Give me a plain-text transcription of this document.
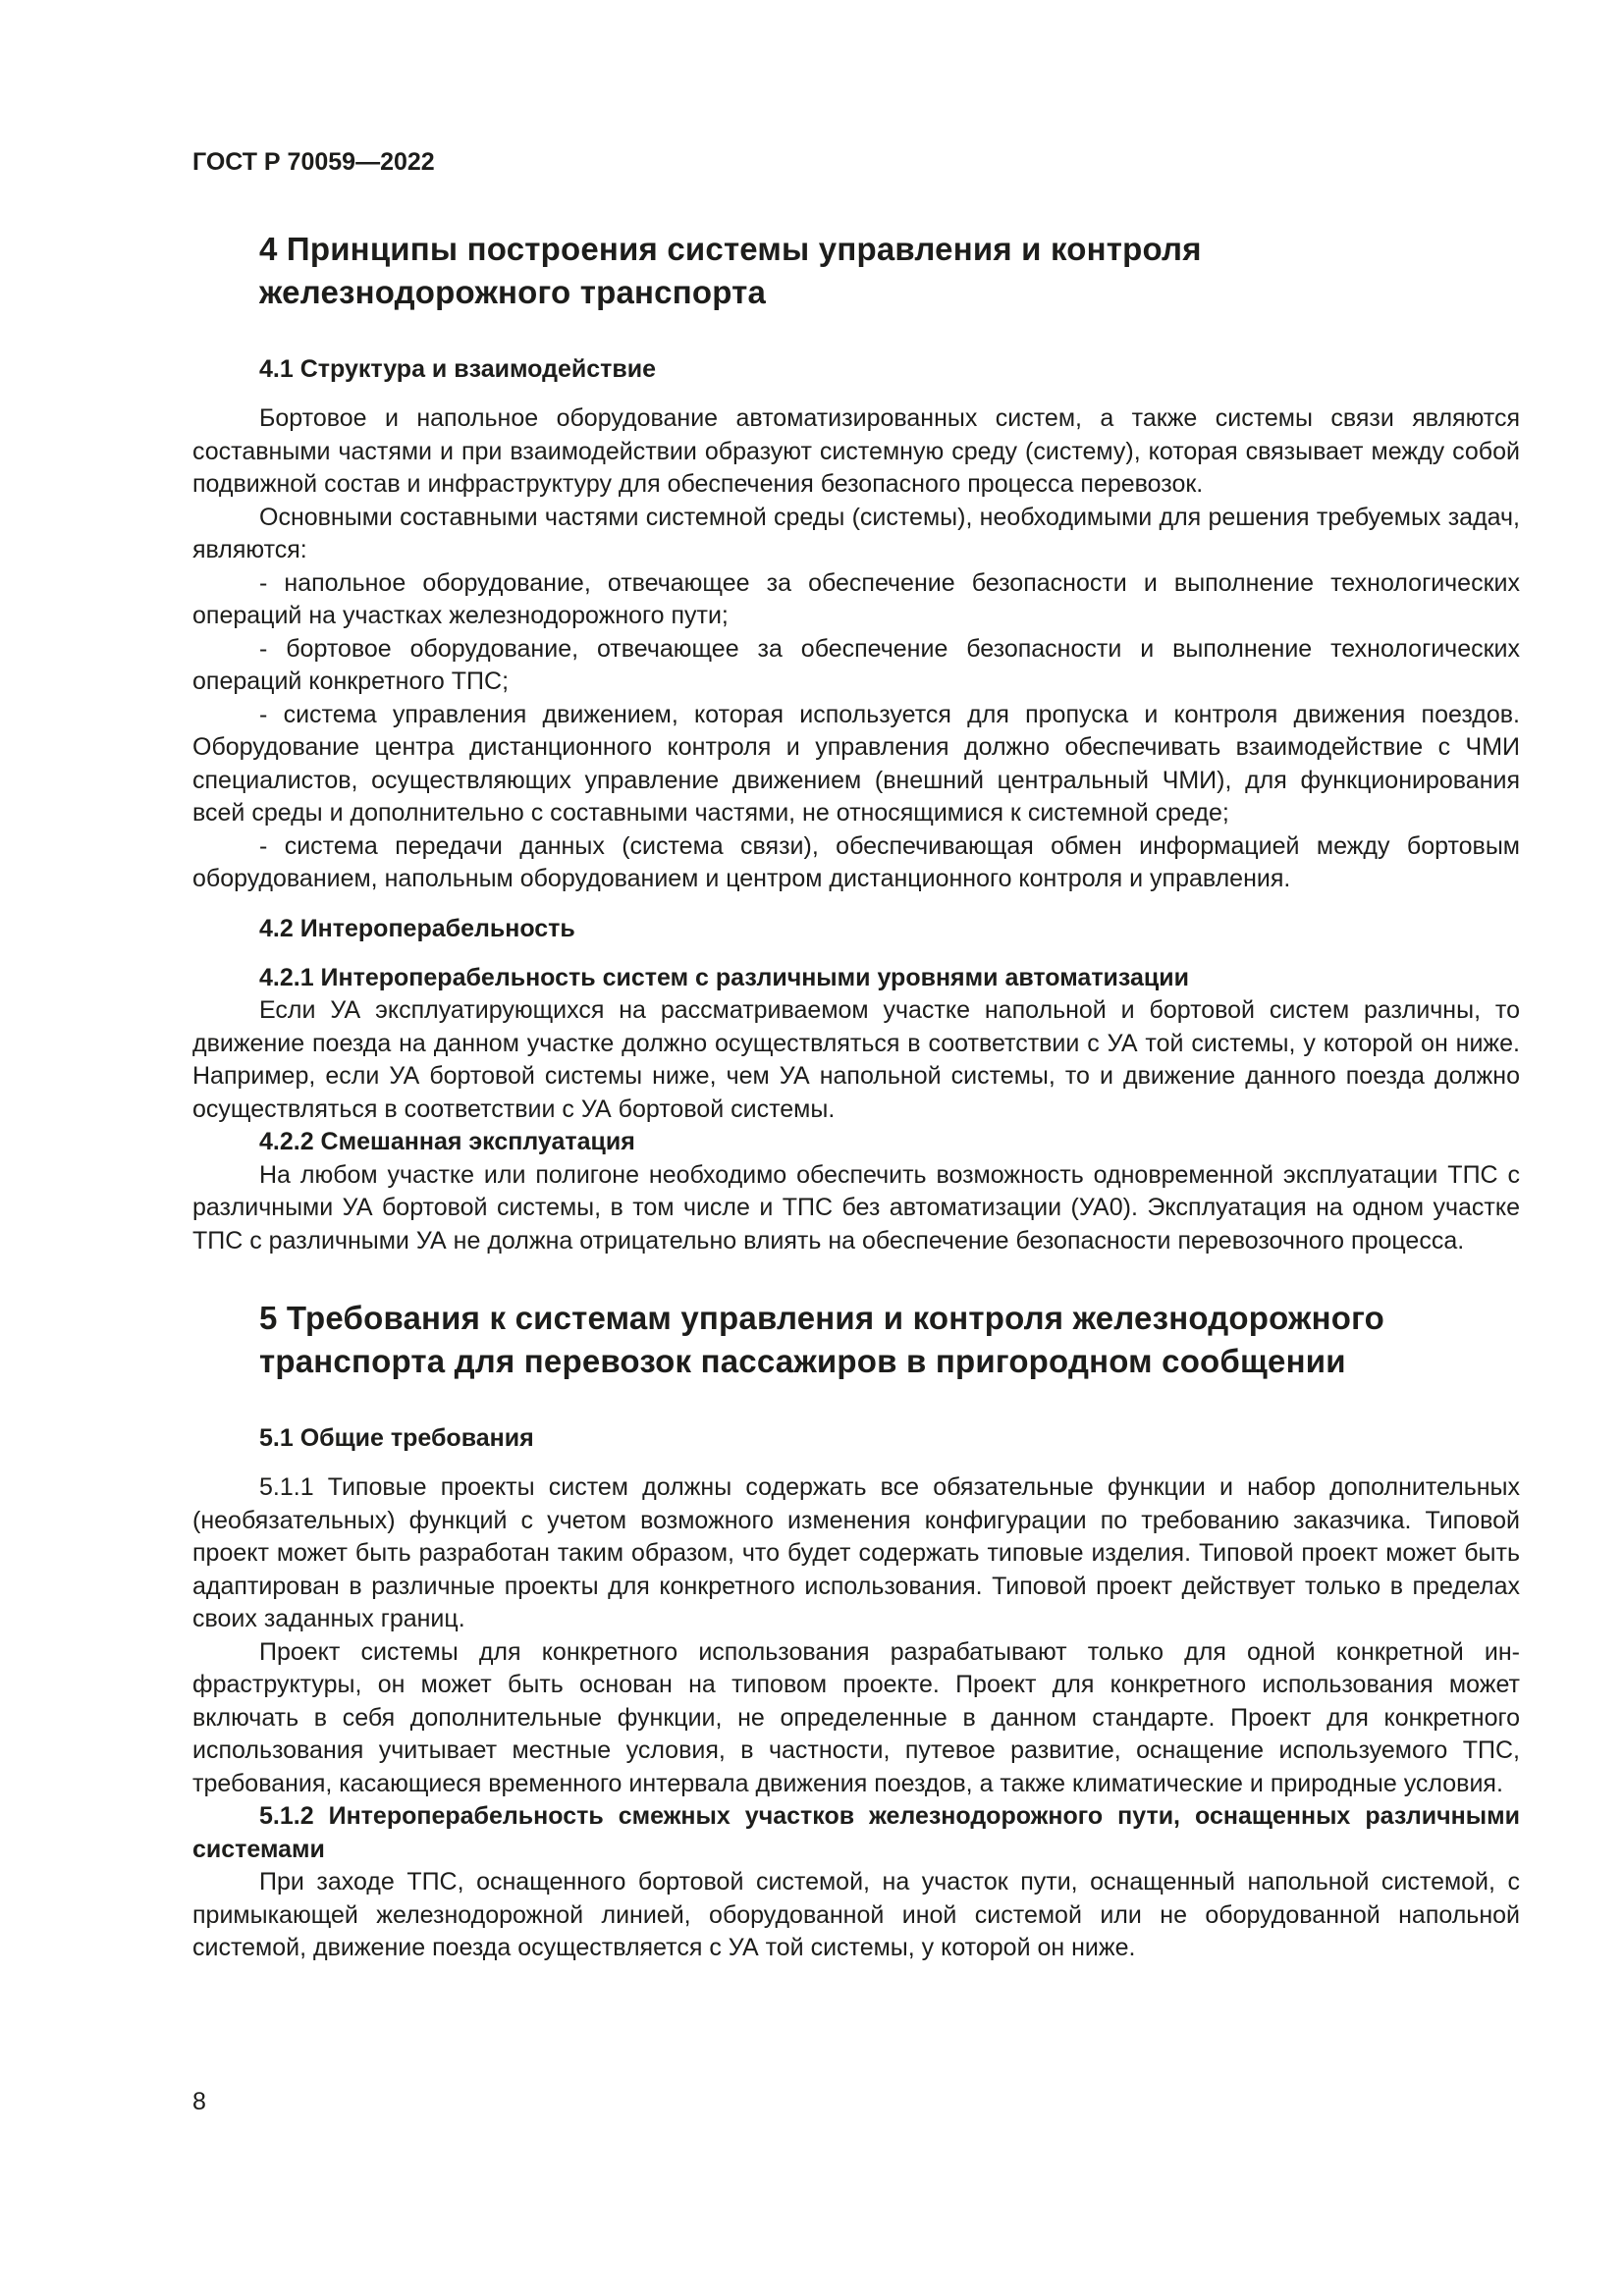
ГОСТ Р 70059—2022
4 Принципы построения системы управления и контроля
железнодорожного транспорта
4.1 Структура и взаимодействие

Бортовое и напольное оборудование автоматизированных систем, а также системы связи являются составными частями и при взаимодействии образуют системную среду (систему), которая связывает между собой подвижной состав и инфраструктуру для обеспечения безопасного процесса перевозок.

Основными составными частями системной среды (системы), необходимыми для решения требуемых задач, являются:

- напольное оборудование, отвечающее за обеспечение безопасности и выполнение технологических операций на участках железнодорожного пути;

- бортовое оборудование, отвечающее за обеспечение безопасности и выполнение технологических операций конкретного ТПС;

- система управления движением, которая используется для пропуска и контроля движения поездов. Оборудование центра дистанционного контроля и управления должно обеспечивать взаимодействие с ЧМИ специалистов, осуществляющих управление движением (внешний центральный ЧМИ), для функционирования всей среды и дополнительно с составными частями, не относящимися к системной среде;

- система передачи данных (система связи), обеспечивающая обмен информацией между бортовым оборудованием, напольным оборудованием и центром дистанционного контроля и управления.

4.2 Интероперабельность

4.2.1 Интероперабельность систем с различными уровнями автоматизации

Если УА эксплуатирующихся на рассматриваемом участке напольной и бортовой систем различны, то движение поезда на данном участке должно осуществляться в соответствии с УА той системы, у которой он ниже. Например, если УА бортовой системы ниже, чем УА напольной системы, то и движение данного поезда должно осуществляться в соответствии с УА бортовой системы.

4.2.2 Смешанная эксплуатация

На любом участке или полигоне необходимо обеспечить возможность одновременной эксплуатации ТПС с различными УА бортовой системы, в том числе и ТПС без автоматизации (УА0). Эксплуатация на одном участке ТПС с различными УА не должна отрицательно влиять на обеспечение безопасности перевозочного процесса.

5 Требования к системам управления и контроля железнодорожного
транспорта для перевозок пассажиров в пригородном сообщении
5.1 Общие требования

5.1.1 Типовые проекты систем должны содержать все обязательные функции и набор дополнительных (необязательных) функций с учетом возможного изменения конфигурации по требованию заказчика. Типовой проект может быть разработан таким образом, что будет содержать типовые изделия. Типовой проект может быть адаптирован в различные проекты для конкретного использования. Типовой проект действует только в пределах своих заданных границ.

Проект системы для конкретного использования разрабатывают только для одной конкретной инфраструктуры, он может быть основан на типовом проекте. Проект для конкретного использования может включать в себя дополнительные функции, не определенные в данном стандарте. Проект для конкретного использования учитывает местные условия, в частности, путевое развитие, оснащение используемого ТПС, требования, касающиеся временного интервала движения поездов, а также климатические и природные условия.

5.1.2 Интероперабельность смежных участков железнодорожного пути, оснащенных различными системами

При заходе ТПС, оснащенного бортовой системой, на участок пути, оснащенный напольной системой, с примыкающей железнодорожной линией, оборудованной иной системой или не оборудованной напольной системой, движение поезда осуществляется с УА той системы, у которой он ниже.

8
